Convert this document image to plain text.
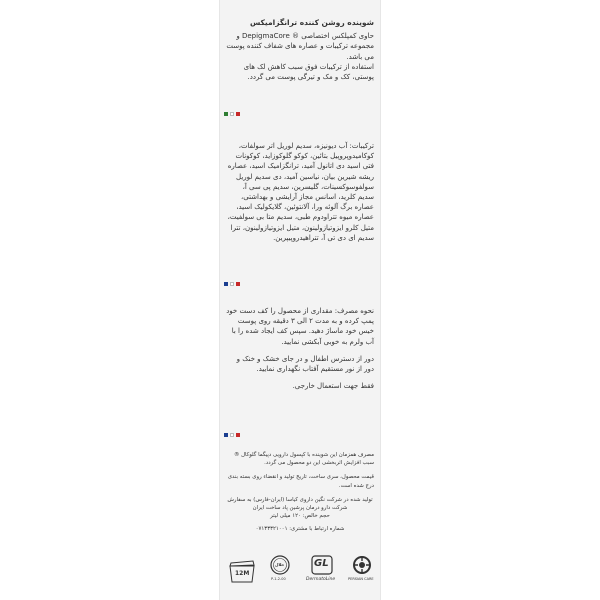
شوینده روشن کننده ترانگزامیکس

حاوی کمپلکس اختصاصی ® DepigmaCore و مجموعه ترکیبات و عصاره های شفاف کننده پوست می باشد.

استفاده از ترکیبات فوق سبب کاهش لک های پوستی، کک و مک و تیرگی پوست می گردد.

ترکیبات: آب دیونیزه، سدیم لوریل اتر سولفات، کوکامیدوپروپیل بتائین، کوکو گلوکوزاید، کوکونات فتی اسید دی اتانول آمید، ترانگزامیک اسید، عصاره ریشه شیرین بیان، نیاسین آمید، دی سدیم لوریل سولفوسوکسینات، گلیسرین، سدیم پی سی آ، سدیم کلرید، اسانس مجاز آرایشی و بهداشتی، عصاره برگ آلوئه ورا، آلانتوئین، گلایکولیک اسید، عصاره میوه تتراودوم طبی، سدیم متا بی سولفیت، متیل کلرو ایزوتیازولینون، متیل ایزوتیازولینون، تترا سدیم ای دی تی آ، تتراهیدروپیپرین.

نحوه مصرف: مقداری از محصول را کف دست خود پمپ کرده و به مدت ۲ الی ۳ دقیقه روی پوست خیس خود ماساژ دهید. سپس کف ایجاد شده را با آب ولرم به خوبی آبکشی نمایید.

دور از دسترس اطفال و در جای خشک و خنک و دور از نور مستقیم آفتاب نگهداری نمایید.

فقط جهت استعمال خارجی.

مصرف همزمان این شوینده با کپسول دارویی دپیگما گلوکال ® سبب افزایش اثربخشی این دو محصول می گردد.

قیمت محصول، سری ساخت، تاریخ تولید و انقضاء روی بسته بندی درج شده است.

تولید شده در شرکت نگین داروی کیاسا (ایران-فارس) به سفارش شرکت دارو درمان پرشین پاد ساخت ایران

حجم خالص: ۱۲۰ میلی لیتر

شماره ارتباط با مشتری: ۰۷۱۳۳۳۲۱۰۰۱

12M
حلال
P-1-2-00
GL
DermatoLine	PERSIAN CARE
